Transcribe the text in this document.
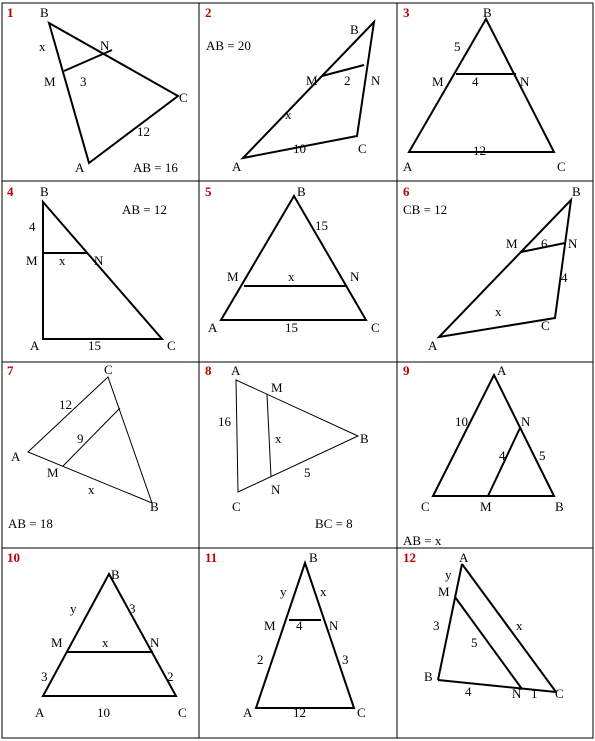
1 B
x	N
M 3
C
12
A	AB = 16
2
AB = 20
B
M 2 N
x
10	C
A
3	B
5
M 4	N
12
A	C
4 B
AB = 12
4
M x N
A	15	C
5	B
15
M	x	N
A	15	C
6
CB = 12
B
M 6 N
4
x
C
A
7	C
12
9
A
M
x
B
AB = 18
8 A
M
16
x	B
5
N
C
BC = 8
9	A
10	N
4	5
C	M	B
AB = x
10
B
y	3
M	x	N
3	2
A	10	C
11	B
y	x
M 4 N
2	3
A	12	C
12	A
y
M
3
5
x
B
4	N 1 C
